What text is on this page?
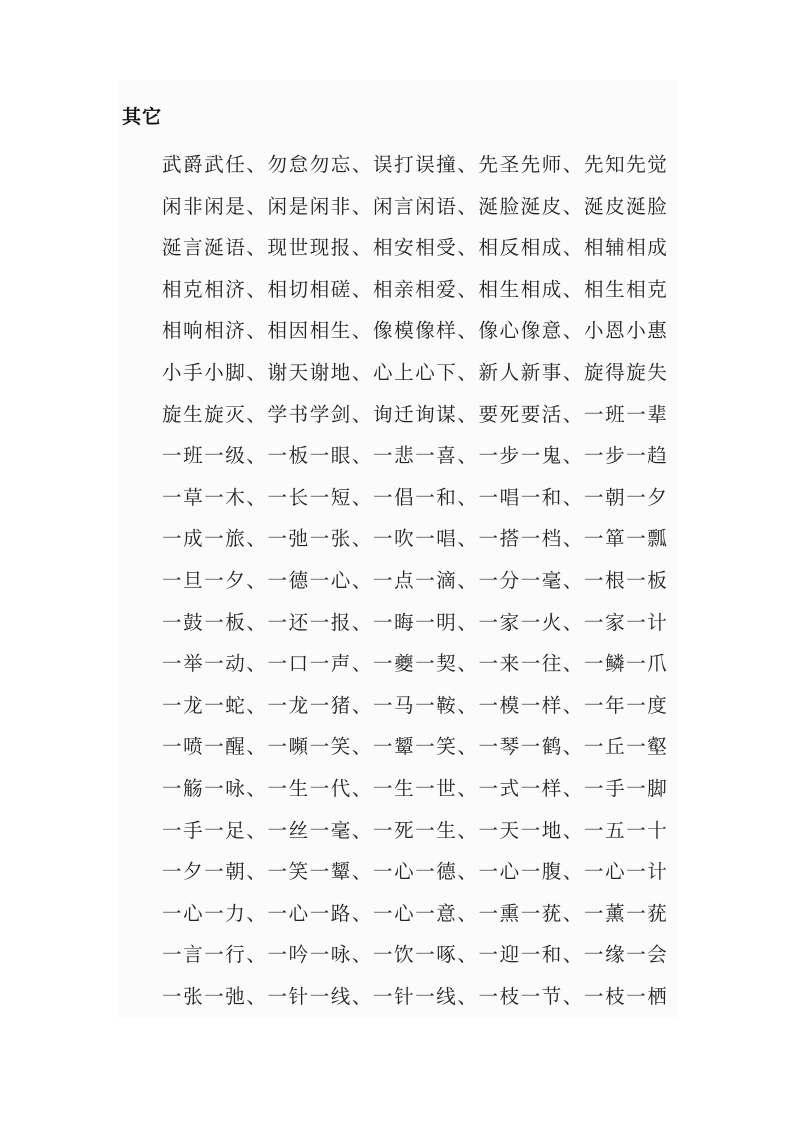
其它
武爵武任、勿怠勿忘、误打误撞、先圣先师、先知先觉
闲非闲是、闲是闲非、闲言闲语、涎脸涎皮、涎皮涎脸
涎言涎语、现世现报、相安相受、相反相成、相辅相成
相克相济、相切相磋、相亲相爱、相生相成、相生相克
相响相济、相因相生、像模像样、像心像意、小恩小惠
小手小脚、谢天谢地、心上心下、新人新事、旋得旋失
旋生旋灭、学书学剑、询迁询谋、要死要活、一班一辈
一班一级、一板一眼、一悲一喜、一步一鬼、一步一趋
一草一木、一长一短、一倡一和、一唱一和、一朝一夕
一成一旅、一弛一张、一吹一唱、一搭一档、一箪一瓢
一旦一夕、一德一心、一点一滴、一分一毫、一根一板
一鼓一板、一还一报、一晦一明、一家一火、一家一计
一举一动、一口一声、一夔一契、一来一往、一鳞一爪
一龙一蛇、一龙一猪、一马一鞍、一模一样、一年一度
一喷一醒、一嚬一笑、一颦一笑、一琴一鹤、一丘一壑
一觞一咏、一生一代、一生一世、一式一样、一手一脚
一手一足、一丝一毫、一死一生、一天一地、一五一十
一夕一朝、一笑一颦、一心一德、一心一腹、一心一计
一心一力、一心一路、一心一意、一熏一莸、一薰一莸
一言一行、一吟一咏、一饮一啄、一迎一和、一缘一会
一张一弛、一针一线、一针一线、一枝一节、一枝一栖
